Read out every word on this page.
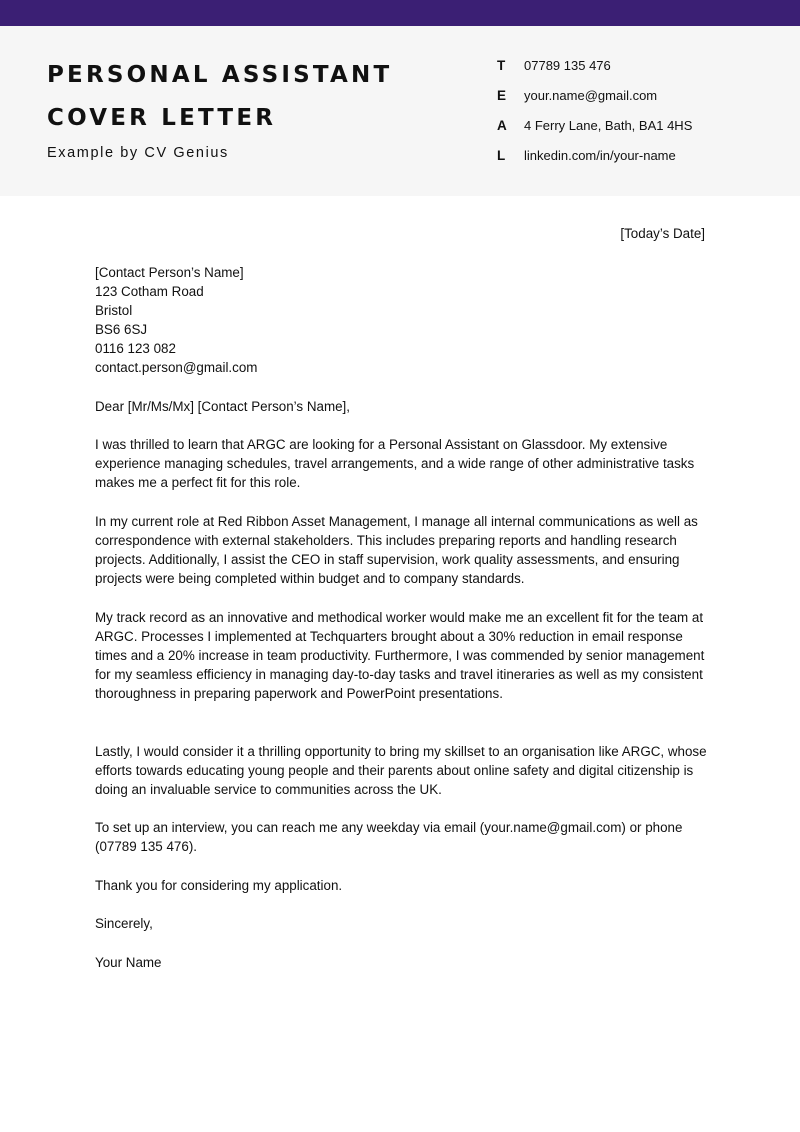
PERSONAL ASSISTANT
COVER LETTER
Example by CV Genius
T	07789 135 476
E	your.name@gmail.com
A	4 Ferry Lane, Bath, BA1 4HS
L	linkedin.com/in/your-name
[Today’s Date]
[Contact Person’s Name]
123 Cotham Road
Bristol
BS6 6SJ
0116 123 082
contact.person@gmail.com
Dear [Mr/Ms/Mx] [Contact Person’s Name],

I was thrilled to learn that ARGC are looking for a Personal Assistant on Glassdoor. My extensive experience managing schedules, travel arrangements, and a wide range of other administrative tasks makes me a perfect fit for this role.

In my current role at Red Ribbon Asset Management, I manage all internal communications as well as correspondence with external stakeholders. This includes preparing reports and handling research projects. Additionally, I assist the CEO in staff supervision, work quality assessments, and ensuring projects were being completed within budget and to company standards.

My track record as an innovative and methodical worker would make me an excellent fit for the team at ARGC. Processes I implemented at Techquarters brought about a 30% reduction in email response times and a 20% increase in team productivity. Furthermore, I was commended by senior management for my seamless efficiency in managing day-to-day tasks and travel itineraries as well as my consistent thoroughness in preparing paperwork and PowerPoint presentations.

Lastly, I would consider it a thrilling opportunity to bring my skillset to an organisation like ARGC, whose efforts towards educating young people and their parents about online safety and digital citizenship is doing an invaluable service to communities across the UK.

To set up an interview, you can reach me any weekday via email (your.name@gmail.com) or phone (07789 135 476).

Thank you for considering my application.

Sincerely,
Your Name
